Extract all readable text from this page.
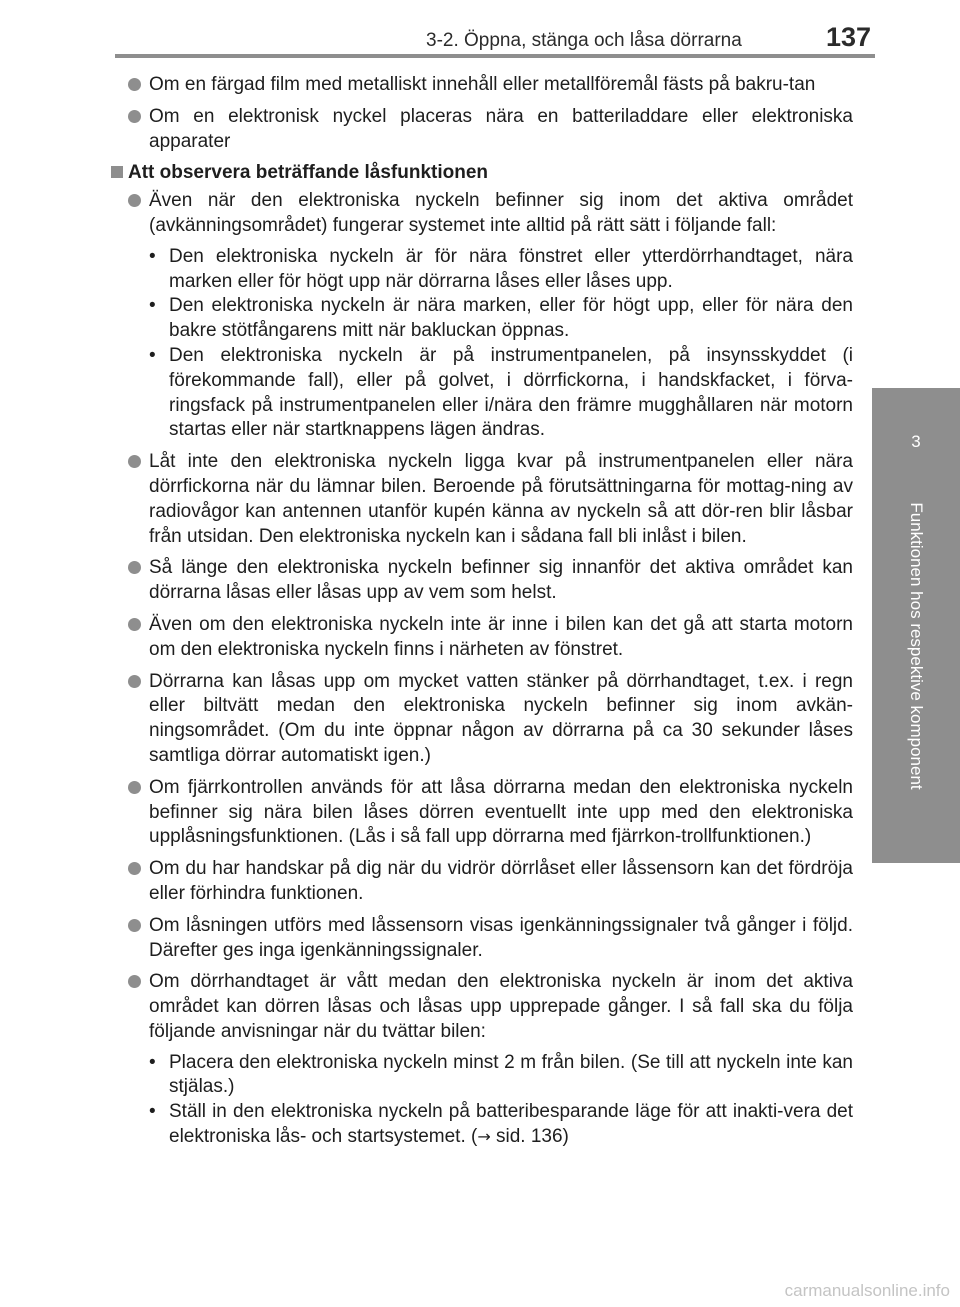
3-2. Öppna, stänga och låsa dörrarna	137
3
Funktionen hos respektive komponent
Om en färgad film med metalliskt innehåll eller metallföremål fästs på bakru-tan
Om en elektronisk nyckel placeras nära en batteriladdare eller elektroniska apparater
Att observera beträffande låsfunktionen
Även när den elektroniska nyckeln befinner sig inom det aktiva området (avkänningsområdet) fungerar systemet inte alltid på rätt sätt i följande fall:
• Den elektroniska nyckeln är för nära fönstret eller ytterdörrhandtaget, nära marken eller för högt upp när dörrarna låses eller låses upp.
• Den elektroniska nyckeln är nära marken, eller för högt upp, eller för nära den bakre stötfångarens mitt när bakluckan öppnas.
• Den elektroniska nyckeln är på instrumentpanelen, på insynsskyddet (i förekommande fall), eller på golvet, i dörrfickorna, i handskfacket, i förva-ringsfack på instrumentpanelen eller i/nära den främre mugghållaren när motorn startas eller när startknappens lägen ändras.
Låt inte den elektroniska nyckeln ligga kvar på instrumentpanelen eller nära dörrfickorna när du lämnar bilen. Beroende på förutsättningarna för mottag-ning av radiovågor kan antennen utanför kupén känna av nyckeln så att dör-ren blir låsbar från utsidan. Den elektroniska nyckeln kan i sådana fall bli inlåst i bilen.
Så länge den elektroniska nyckeln befinner sig innanför det aktiva området kan dörrarna låsas eller låsas upp av vem som helst.
Även om den elektroniska nyckeln inte är inne i bilen kan det gå att starta motorn om den elektroniska nyckeln finns i närheten av fönstret.
Dörrarna kan låsas upp om mycket vatten stänker på dörrhandtaget, t.ex. i regn eller biltvätt medan den elektroniska nyckeln befinner sig inom avkän-ningsområdet. (Om du inte öppnar någon av dörrarna på ca 30 sekunder låses samtliga dörrar automatiskt igen.)
Om fjärrkontrollen används för att låsa dörrarna medan den elektroniska nyckeln befinner sig nära bilen låses dörren eventuellt inte upp med den elektroniska upplåsningsfunktionen. (Lås i så fall upp dörrarna med fjärrkon-trollfunktionen.)
Om du har handskar på dig när du vidrör dörrlåset eller låssensorn kan det fördröja eller förhindra funktionen.
Om låsningen utförs med låssensorn visas igenkänningssignaler två gånger i följd. Därefter ges inga igenkänningssignaler.
Om dörrhandtaget är vått medan den elektroniska nyckeln är inom det aktiva området kan dörren låsas och låsas upp upprepade gånger. I så fall ska du följa följande anvisningar när du tvättar bilen:
• Placera den elektroniska nyckeln minst 2 m från bilen. (Se till att nyckeln inte kan stjälas.)
• Ställ in den elektroniska nyckeln på batteribesparande läge för att inakti-vera det elektroniska lås- och startsystemet. (→ sid. 136)
carmanualsonline.info
